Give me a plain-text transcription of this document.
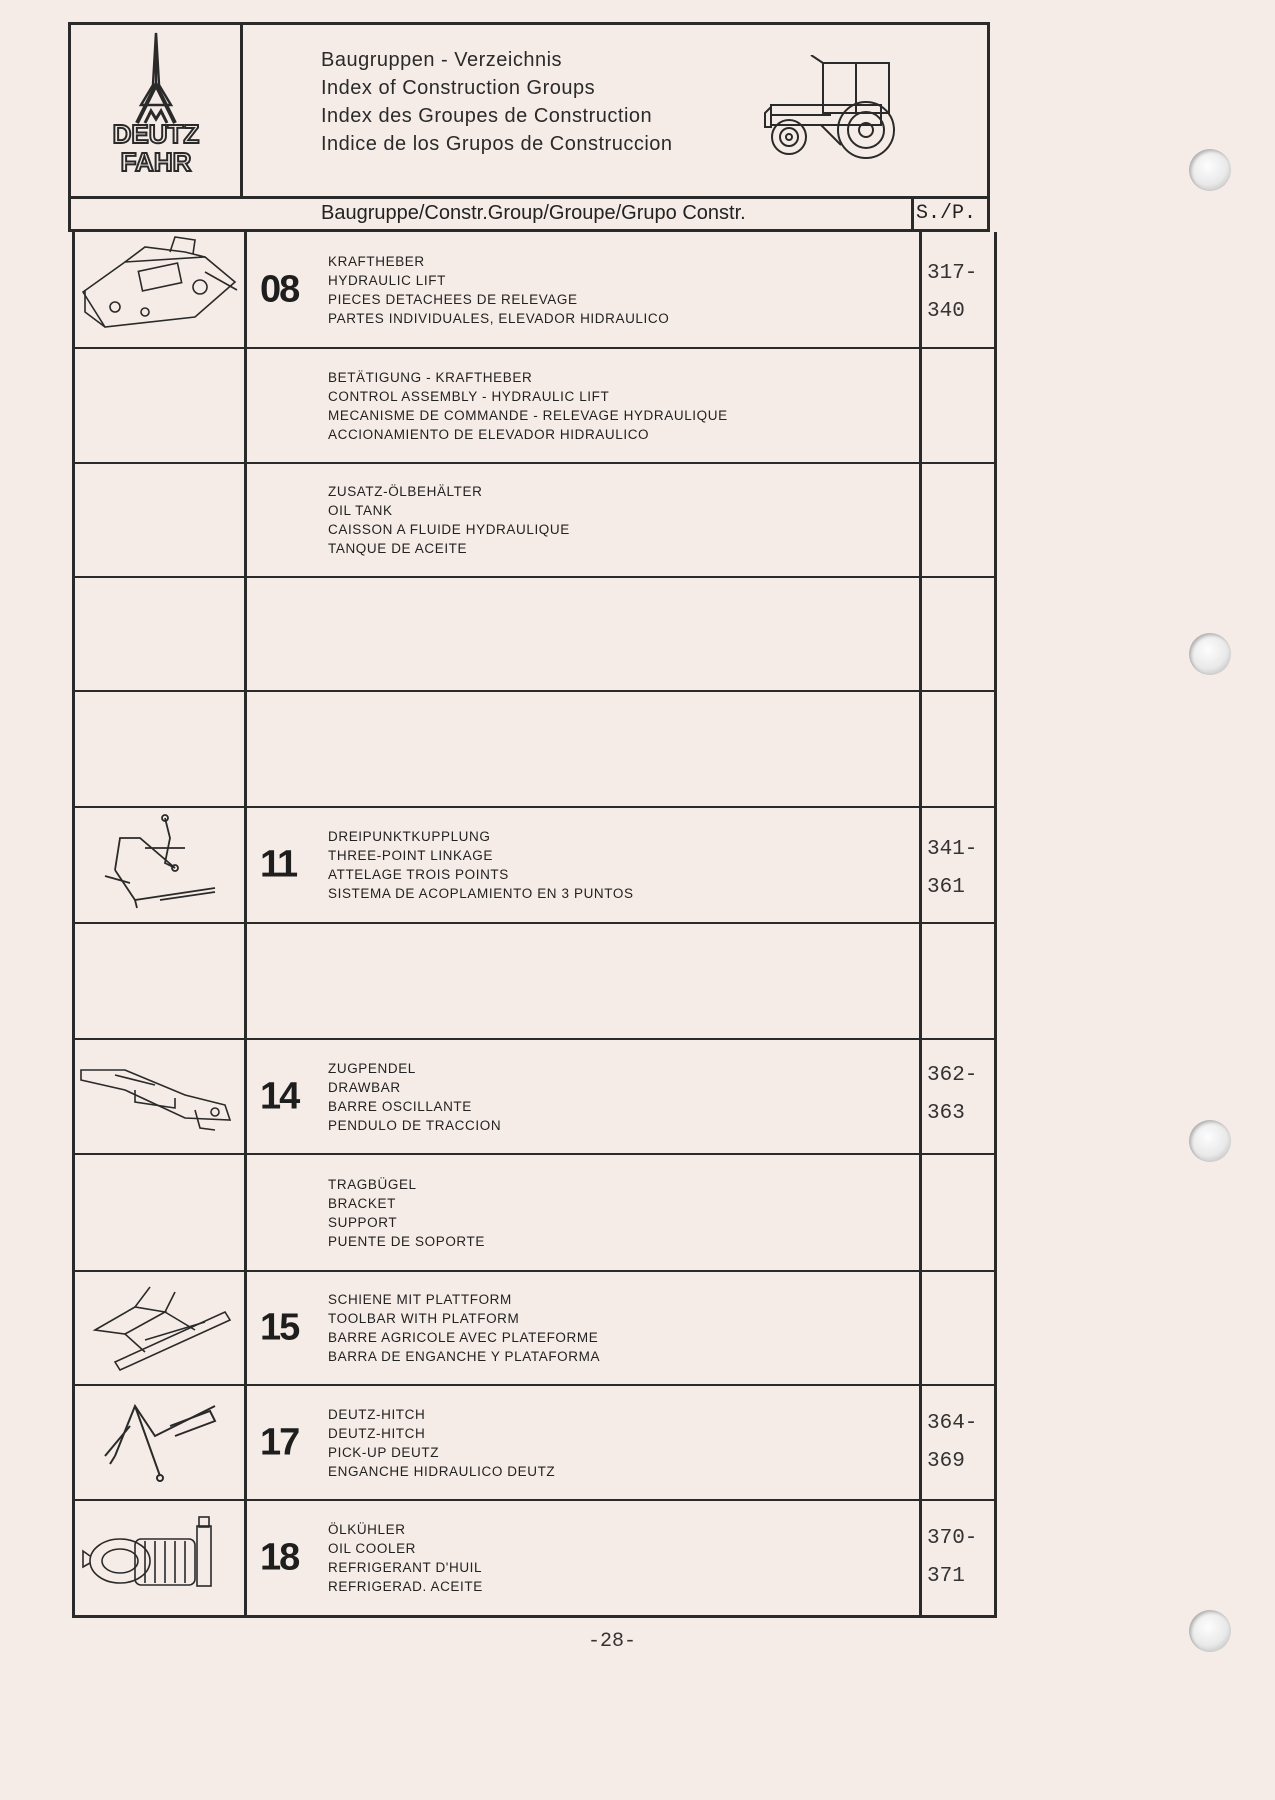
DEUTZ
FAHR
Baugruppen - Verzeichnis
Index of Construction Groups
Index des Groupes de Construction
Indice de los Grupos de Construccion
Baugruppe/Constr.Group/Groupe/Grupo Constr.	S./P.
08
KRAFTHEBER
HYDRAULIC LIFT
PIECES DETACHEES DE RELEVAGE
PARTES INDIVIDUALES, ELEVADOR HIDRAULICO
317-
340
BETÄTIGUNG - KRAFTHEBER
CONTROL ASSEMBLY - HYDRAULIC LIFT
MECANISME DE COMMANDE - RELEVAGE HYDRAULIQUE
ACCIONAMIENTO DE ELEVADOR HIDRAULICO
ZUSATZ-ÖLBEHÄLTER
OIL TANK
CAISSON A FLUIDE HYDRAULIQUE
TANQUE DE ACEITE
11
DREIPUNKTKUPPLUNG
THREE-POINT LINKAGE
ATTELAGE TROIS POINTS
SISTEMA DE ACOPLAMIENTO EN 3 PUNTOS
341-
361
14
ZUGPENDEL
DRAWBAR
BARRE OSCILLANTE
PENDULO DE TRACCION
362-
363
TRAGBÜGEL
BRACKET
SUPPORT
PUENTE DE SOPORTE
15
SCHIENE MIT PLATTFORM
TOOLBAR WITH PLATFORM
BARRE AGRICOLE AVEC PLATEFORME
BARRA DE ENGANCHE Y PLATAFORMA
17
DEUTZ-HITCH
DEUTZ-HITCH
PICK-UP DEUTZ
ENGANCHE HIDRAULICO DEUTZ
364-
369
18
ÖLKÜHLER
OIL COOLER
REFRIGERANT D'HUIL
REFRIGERAD. ACEITE
370-
371
-28-
